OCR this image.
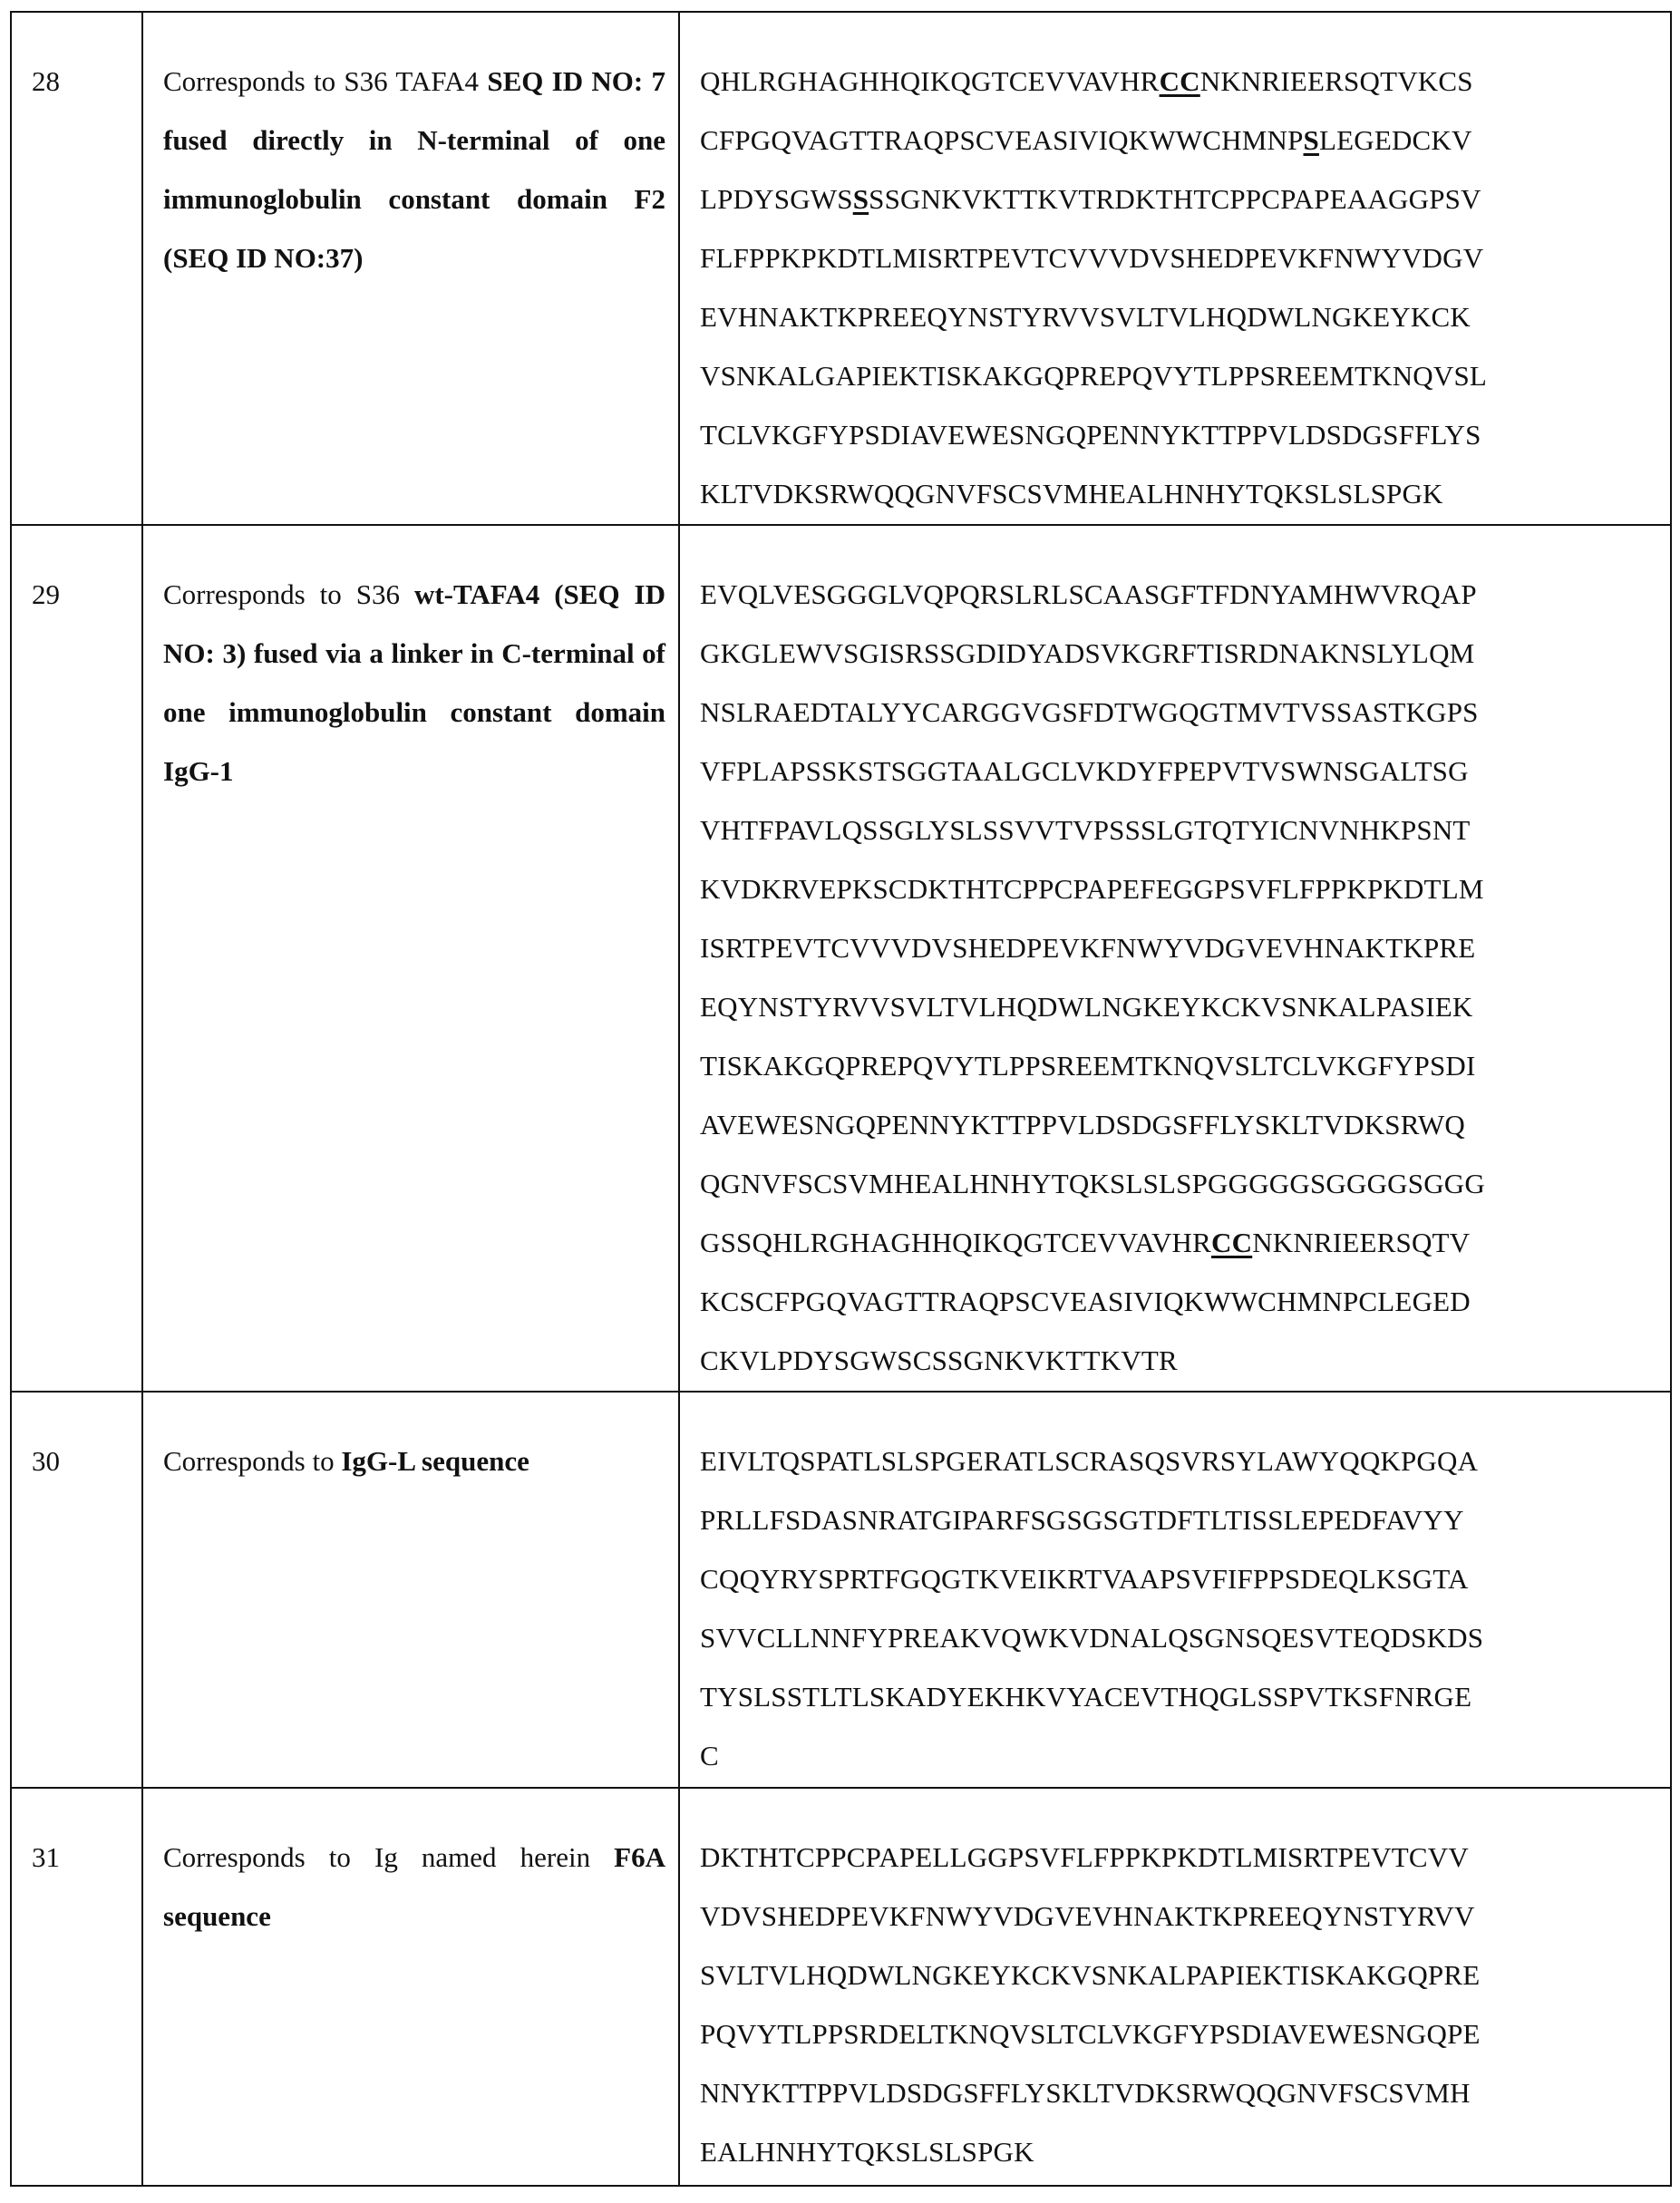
28	Corresponds to S36 TAFA4 SEQ ID NO: 7 fused directly in N-terminal of one immunoglobulin constant domain F2 (SEQ ID NO:37)

QHLRGHAGHHQIKQGTCEVVAVHRCCNKNRIEERSQTVKCS
CFPGQVAGTTRAQPSCVEASIVIQKWWCHMNPSLEGEDCKV
LPDYSGWSSSSGNKVKTTKVTRDKTHTCPPCPAPEAAGGPSV
FLFPPKPKDTLMISRTPEVTCVVVDVSHEDPEVKFNWYVDGV
EVHNAKTKPREEQYNSTYRVVSVLTVLHQDWLNGKEYKCK
VSNKALGAPIEKTISKAKGQPREPQVYTLPPSREEMTKNQVSL
TCLVKGFYPSDIAVEWESNGQPENNYKTTPPVLDSDGSFFLYS
KLTVDKSRWQQGNVFSCSVMHEALHNHYTQKSLSLSPGK

29	Corresponds to S36 wt-TAFA4 (SEQ ID NO: 3) fused via a linker in C-terminal of one immunoglobulin constant domain IgG-1

EVQLVESGGGLVQPQRSLRLSCAASGFTFDNYAMHWVRQAP
GKGLEWVSGISRSSGDIDYADSVKGRFTISRDNAKNSLYLQM
NSLRAEDTALYYCARGGVGSFDTWGQGTMVTVSSASTKGPS
VFPLAPSSKSTSGGTAALGCLVKDYFPEPVTVSWNSGALTSG
VHTFPAVLQSSGLYSLSSVVTVPSSSLGTQTYICNVNHKPSNT
KVDKRVEPKSCDKTHTCPPCPAPEFEGGPSVFLFPPKPKDTLM
ISRTPEVTCVVVDVSHEDPEVKFNWYVDGVEVHNAKTKPRE
EQYNSTYRVVSVLTVLHQDWLNGKEYKCKVSNKALPASIEK
TISKAKGQPREPQVYTLPPSREEMTKNQVSLTCLVKGFYPSDI
AVEWESNGQPENNYKTTPPVLDSDGSFFLYSKLTVDKSRWQ
QGNVFSCSVMHEALHNHYTQKSLSLSPGGGGGSGGGGSGGG
GSSQHLRGHAGHHQIKQGTCEVVAVHRCCNKNRIEERSQTV
KCSCFPGQVAGTTRAQPSCVEASIVIQKWWCHMNPCLEGED
CKVLPDYSGWSCSSGNKVKTTKVTR

30	Corresponds to IgG-L sequence	EIVLTQSPATLSLSPGERATLSCRASQSVRSYLAWYQQKPGQA
PRLLFSDASNRATGIPARFSGSGSGTDFTLTISSLEPEDFAVYY
CQQYRYSPRTFGQGTKVEIKRTVAAPSVFIFPPSDEQLKSGTA
SVVCLLNNFYPREAKVQWKVDNALQSGNSQESVTEQDSKDS
TYSLSSTLTLSKADYEKHKVYACEVTHQGLSSPVTKSFNRGE
C

31	Corresponds to Ig named herein F6A sequence

DKTHTCPPCPAPELLGGPSVFLFPPKPKDTLMISRTPEVTCVV
VDVSHEDPEVKFNWYVDGVEVHNAKTKPREEQYNSTYRVV
SVLTVLHQDWLNGKEYKCKVSNKALPAPIEKTISKAKGQPRE
PQVYTLPPSRDELTKNQVSLTCLVKGFYPSDIAVEWESNGQPE
NNYKTTPPVLDSDGSFFLYSKLTVDKSRWQQGNVFSCSVMH
EALHNHYTQKSLSLSPGK
